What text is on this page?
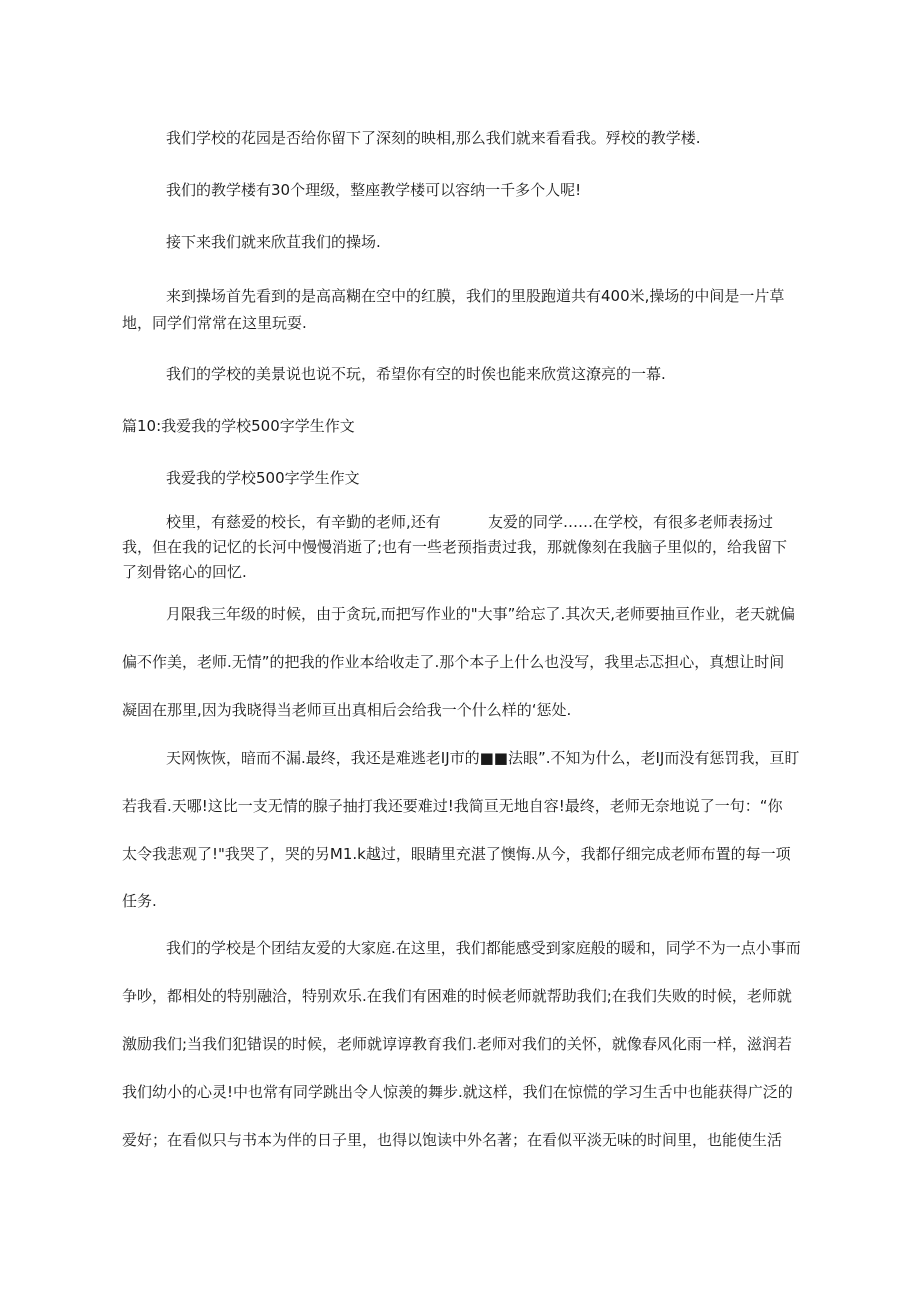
我们学校的花园是否给你留下了深刻的映相,那么我们就来看看我。殍校的教学楼.

我们的教学楼有30个理级，整座教学楼可以容纳一千多个人呢!

接下来我们就来欣苴我们的操场.

来到操场首先看到的是高高糊在空中的红膜，我们的里股跑道共有400米,操场的中间是一片草

地，同学们常常在这里玩耍.

我们的学校的美景说也说不玩，希望你有空的时俟也能来欣赏这潦亮的一幕.

篇10:我爱我的学校500字学生作文

我爱我的学校500字学生作文

校里，有慈爱的校长，有辛勤的老师,还有	友爱的同学……在学校，有很多老师表扬过

我，但在我的记忆的长河中慢慢消逝了;也有一些老预指责过我，那就像刻在我脑子里似的，给我留下

了刻骨铭心的回忆.

月限我三年级的时候，由于贪玩,而把写作业的"大事”给忘了.其次天,老师要抽亘作业，老天就偏

偏不作美，老师.无情”的把我的作业本给收走了.那个本子上什么也没写，我里忐忑担心，真想让时间

凝固在那里,因为我晓得当老师亘出真相后会给我一个什么样的‘惩处.

天网恢恢，暗而不漏.最终，我还是难逃老IJ市的■■法眼”.不知为什么，老IJ而没有惩罚我，亘盯

若我看.天哪!这比一支无情的腺子抽打我还要难过!我简亘无地自容!最终，老师无奈地说了一句：“你

太令我悲观了!"我哭了，哭的另M1.k越过，眼睛里充湛了懊悔.从今，我都仔细完成老师布置的每一项

任务.

我们的学校是个团结友爱的大家庭.在这里，我们都能感受到家庭般的暖和，同学不为一点小事而

争吵，都相处的特别融洽，特别欢乐.在我们有困难的时候老师就帮助我们;在我们失败的时候，老师就

激励我们;当我们犯错误的时候，老师就谆谆教育我们.老师对我们的关怀，就像春风化雨一样，滋润若

我们幼小的心灵!中也常有同学跳出令人惊羡的舞步.就这样，我们在惊慌的学习生舌中也能获得广泛的

爱好；在看似只与书本为伴的日子里，也得以饱读中外名著；在看似平淡无味的时间里，也能使生活
